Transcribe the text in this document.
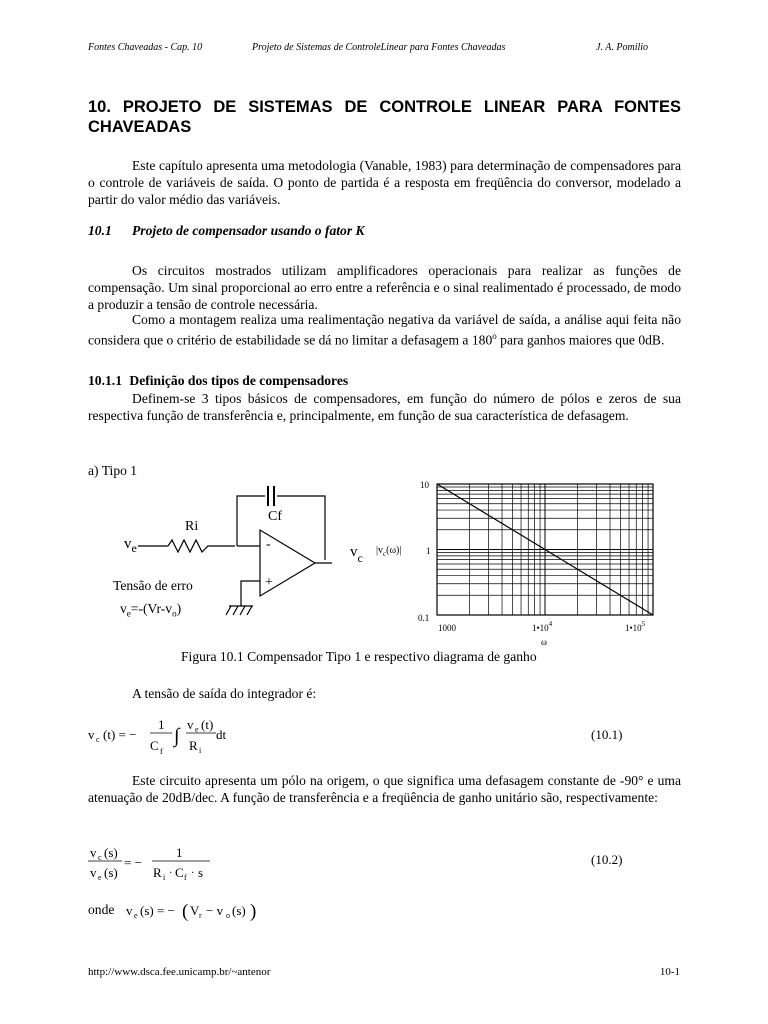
Fontes Chaveadas - Cap. 10	Projeto de Sistemas de ControleLinear para Fontes Chaveadas	J. A. Pomilio
10. PROJETO DE SISTEMAS DE CONTROLE LINEAR PARA FONTES CHAVEADAS
Este capítulo apresenta uma metodologia (Vanable, 1983) para determinação de compensadores para o controle de variáveis de saída. O ponto de partida é a resposta em freqüência do conversor, modelado a partir do valor médio das variáveis.
10.1 Projeto de compensador usando o fator K
Os circuitos mostrados utilizam amplificadores operacionais para realizar as funções de compensação. Um sinal proporcional ao erro entre a referência e o sinal realimentado é processado, de modo a produzir a tensão de controle necessária.
Como a montagem realiza uma realimentação negativa da variável de saída, a análise aqui feita não considera que o critério de estabilidade se dá no limitar a defasagem a 180$^o$ para ganhos maiores que 0dB.
10.1.1 Definição dos tipos de compensadores
Definem-se 3 tipos básicos de compensadores, em função do número de pólos e zeros de sua respectiva função de transferência e, principalmente, em função de sua característica de defasagem.
a) Tipo 1
Cf
Ri
$v_e$	$v_c$
-
+
Tensão de erro
$v_e=-(Vr-v_o)$
10
1
0.1
1000	$1•10^4$	$1•10^5$
ω
$|v_c(\omega)|$
Figura 10.1 Compensador Tipo 1 e respectivo diagrama de ganho
A tensão de saída do integrador é:
v c (t) = −
1
C f
∫
v e (t)
R i
dt	(10.1)
Este circuito apresenta um pólo na origem, o que significa uma defasagem constante de -90° e uma atenuação de 20dB/dec. A função de transferência e a freqüência de ganho unitário são, respectivamente:
v c (s)
v e (s)
= −
1
R i · C f · s
(10.2)
onde v e (s) = − ( V r − v o (s) )
http://www.dsca.fee.unicamp.br/~antenor	10-1
